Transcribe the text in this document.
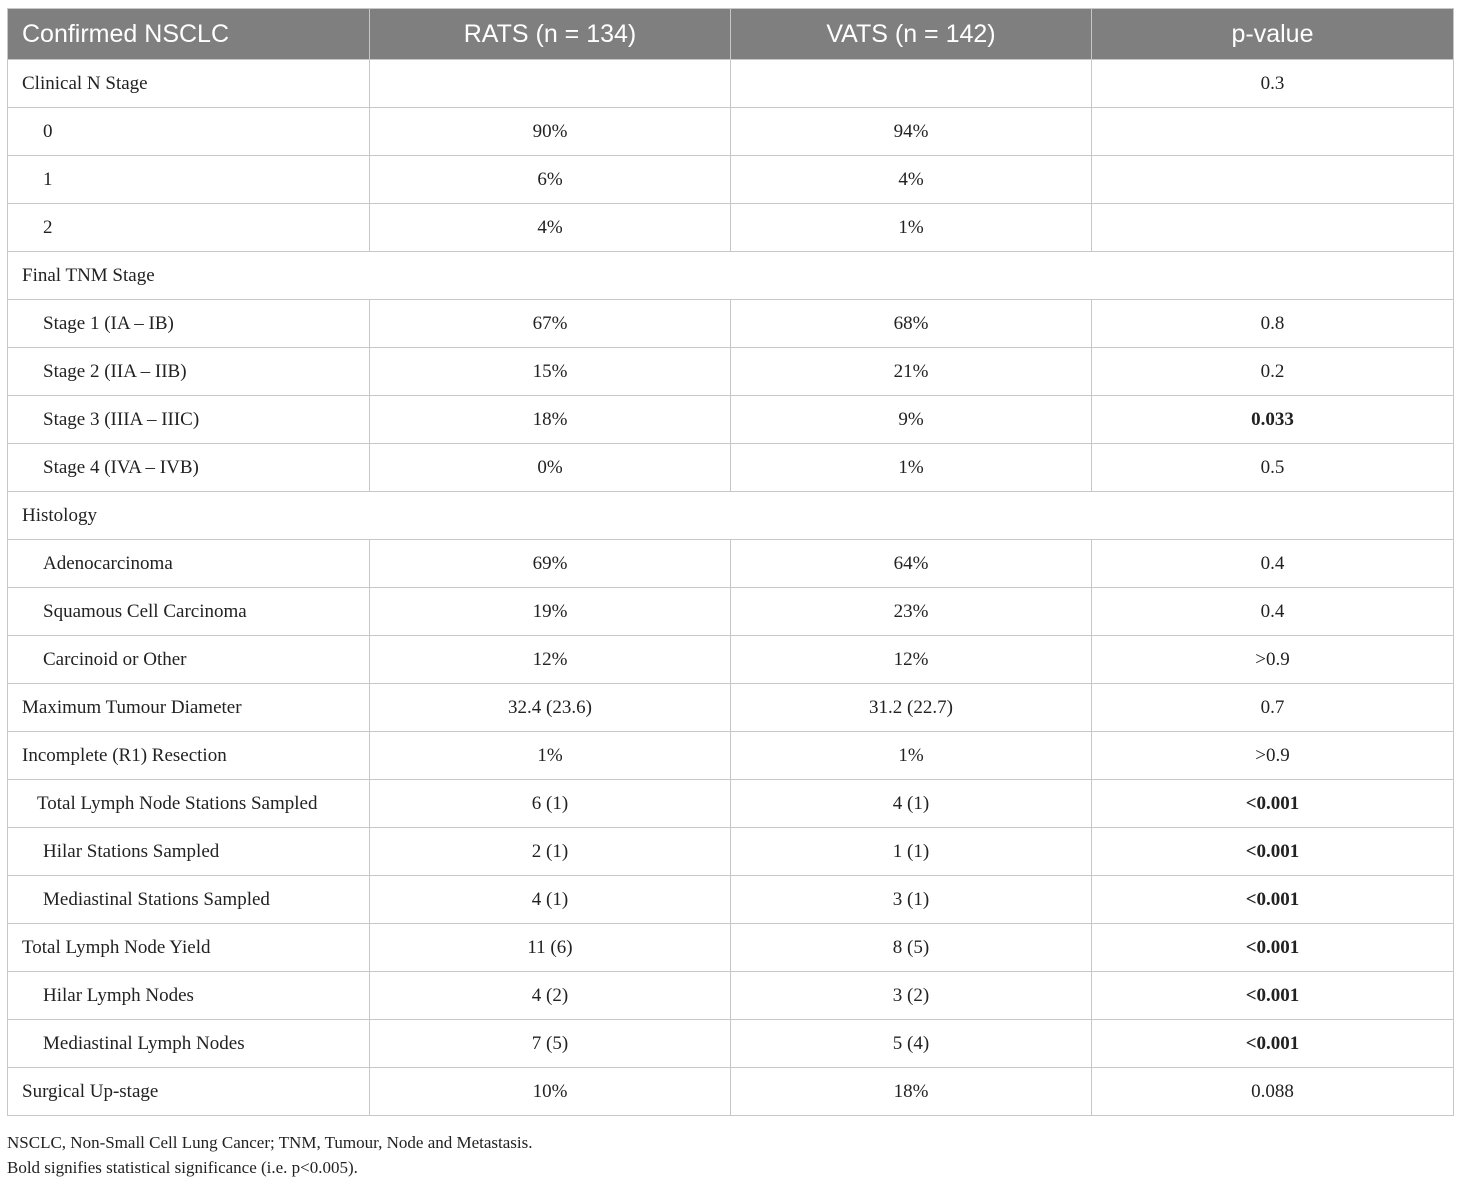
Confirmed NSCLC	RATS (n = 134)	VATS (n = 142)	p-value
Clinical N Stage			0.3
0	90%	94%	
1	6%	4%	
2	4%	1%	
Final TNM Stage			
Stage 1 (IA – IB)	67%	68%	0.8
Stage 2 (IIA – IIB)	15%	21%	0.2
Stage 3 (IIIA – IIIC)	18%	9%	0.033
Stage 4 (IVA – IVB)	0%	1%	0.5
Histology			
Adenocarcinoma	69%	64%	0.4
Squamous Cell Carcinoma	19%	23%	0.4
Carcinoid or Other	12%	12%	>0.9
Maximum Tumour Diameter	32.4 (23.6)	31.2 (22.7)	0.7
Incomplete (R1) Resection	1%	1%	>0.9
Total Lymph Node Stations Sampled	6 (1)	4 (1)	<0.001
Hilar Stations Sampled	2 (1)	1 (1)	<0.001
Mediastinal Stations Sampled	4 (1)	3 (1)	<0.001
Total Lymph Node Yield	11 (6)	8 (5)	<0.001
Hilar Lymph Nodes	4 (2)	3 (2)	<0.001
Mediastinal Lymph Nodes	7 (5)	5 (4)	<0.001
Surgical Up-stage	10%	18%	0.088
NSCLC, Non-Small Cell Lung Cancer; TNM, Tumour, Node and Metastasis.
Bold signifies statistical significance (i.e. p<0.005).
